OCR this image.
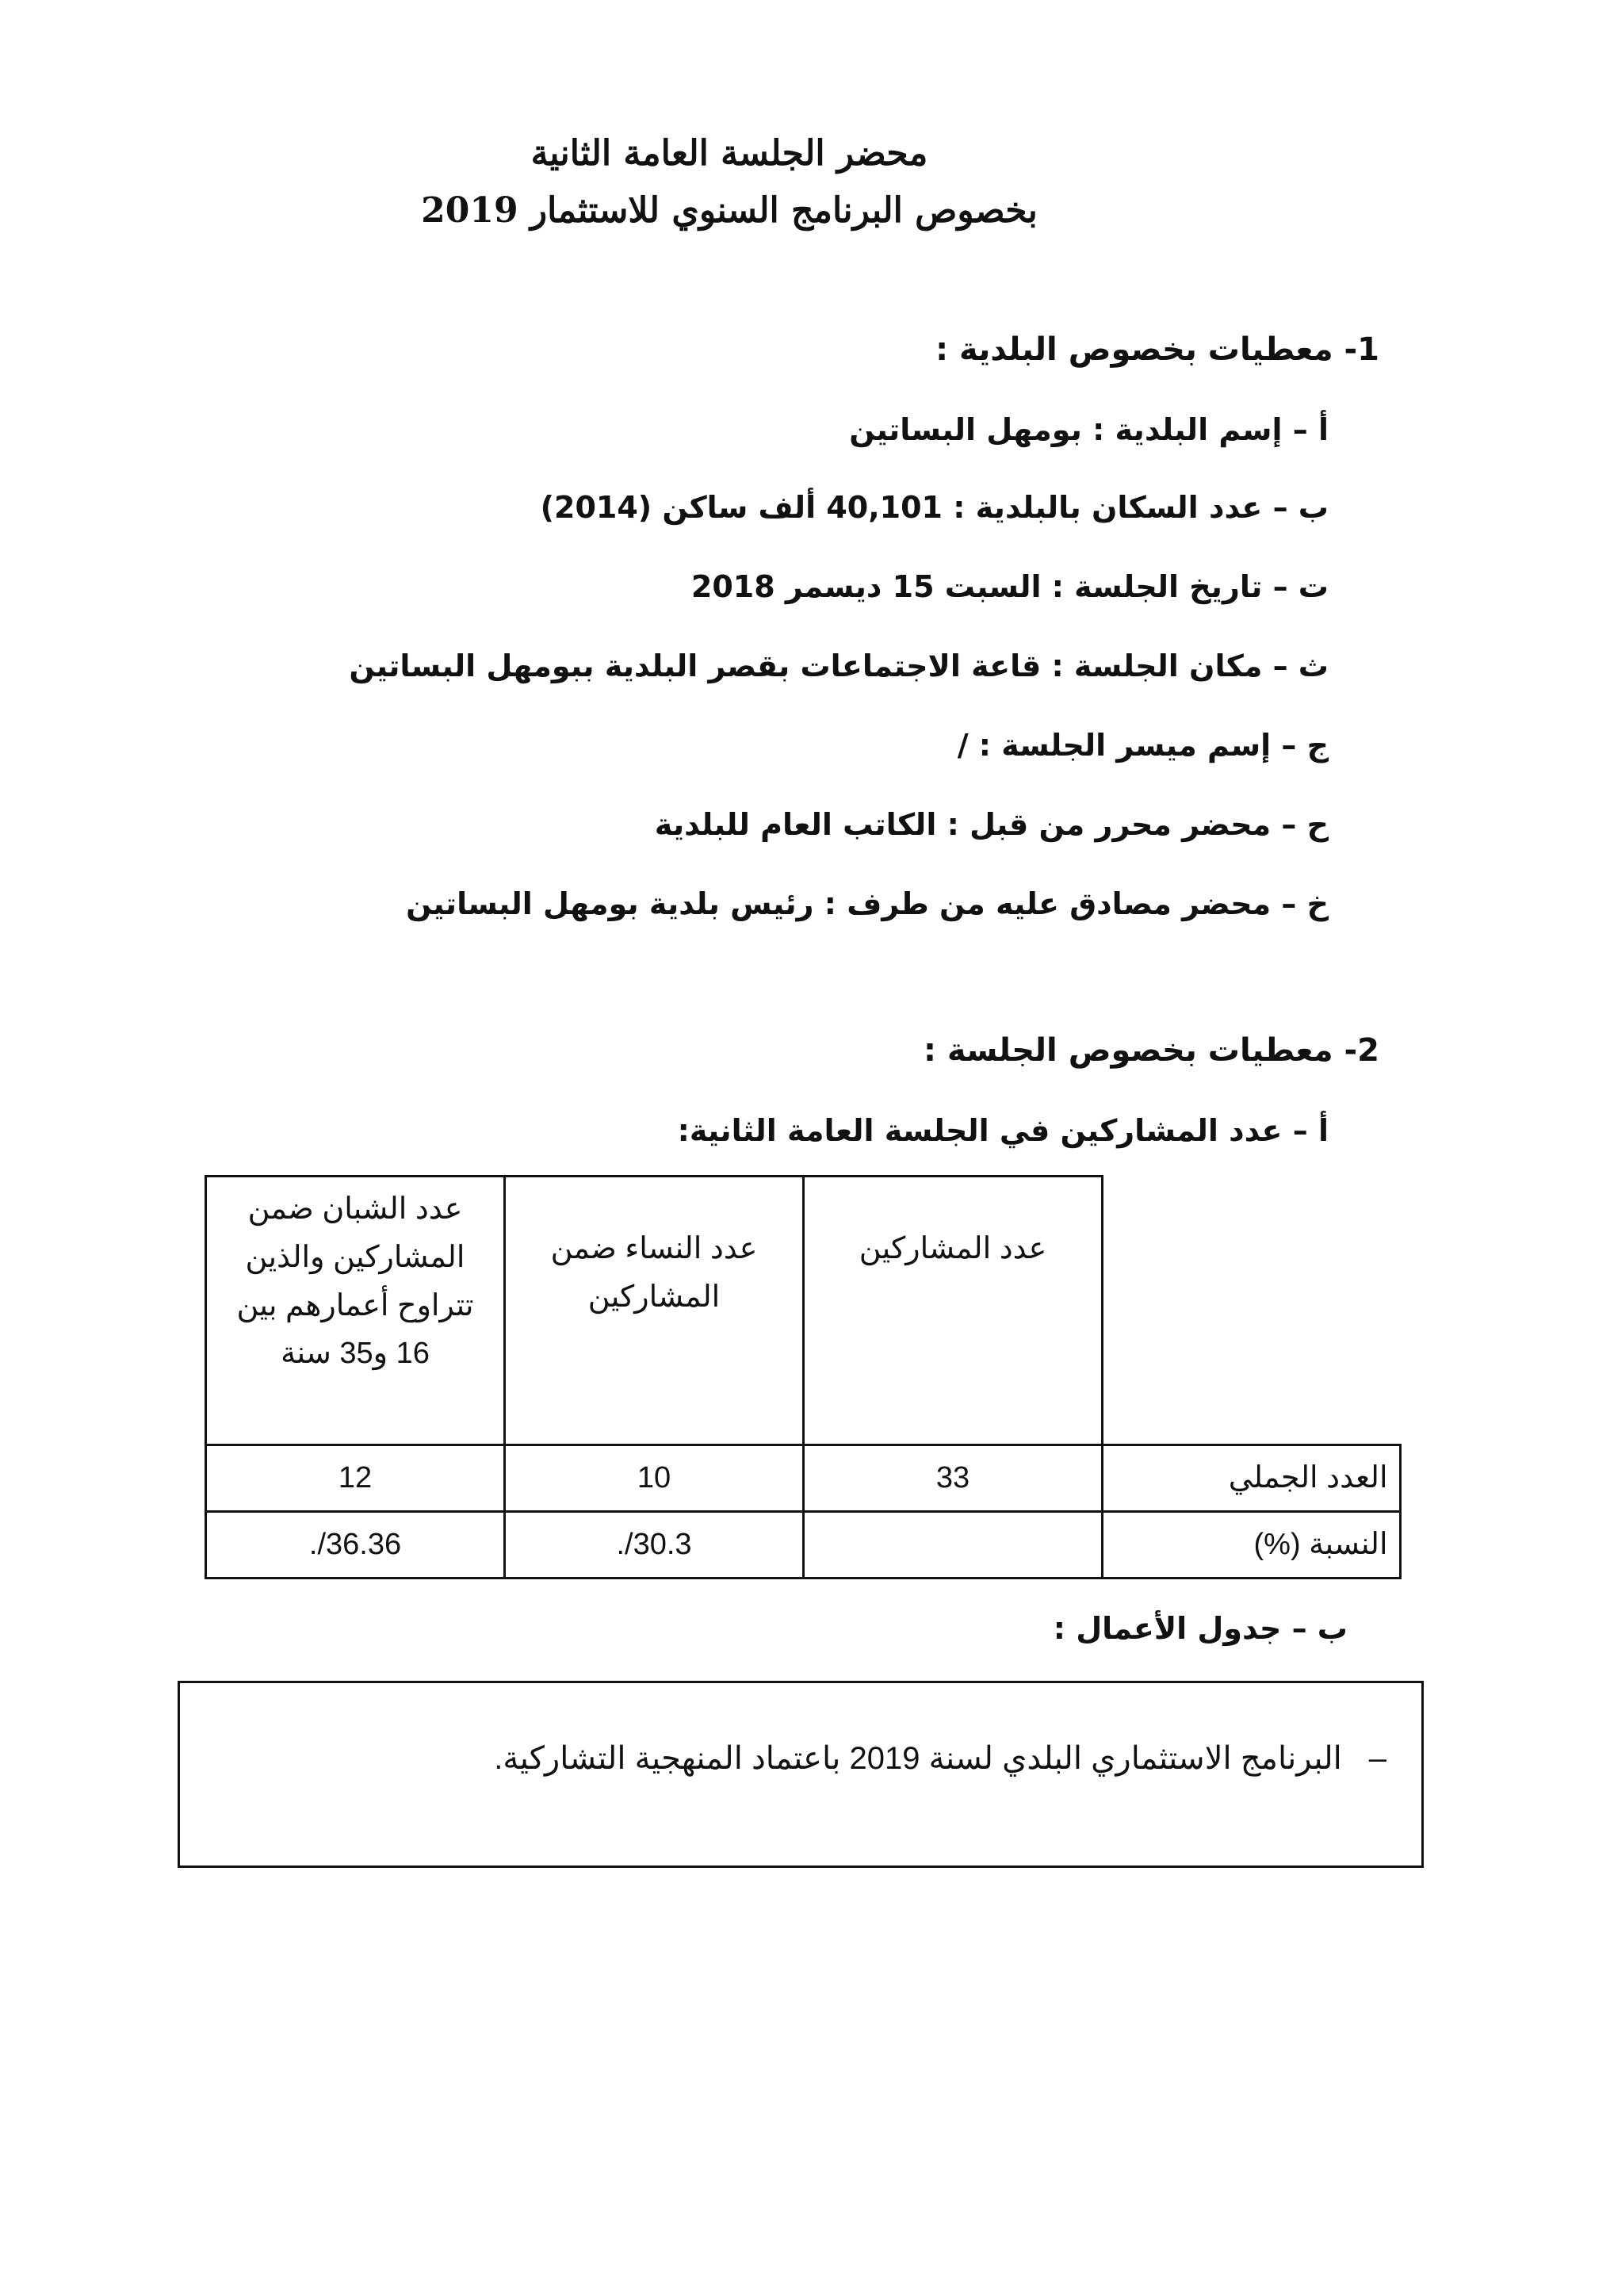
محضر الجلسة العامة الثانية
بخصوص البرنامج السنوي للاستثمار 2019
1- معطيات بخصوص البلدية :
أ – إسم البلدية : بومهل البساتين
ب – عدد السكان بالبلدية : 40,101 ألف ساكن (2014)
ت – تاريخ الجلسة : السبت 15 ديسمر 2018
ث – مكان الجلسة : قاعة الاجتماعات بقصر البلدية ببومهل البساتين
ج – إسم ميسر الجلسة : /
ح – محضر محرر من قبل : الكاتب العام للبلدية
خ – محضر مصادق عليه من طرف : رئيس بلدية بومهل البساتين
2- معطيات بخصوص الجلسة :
أ – عدد المشاركين في الجلسة العامة الثانية:
عدد الشبان ضمن المشاركين والذين تتراوح أعمارهم بين 16 و35 سنة	عدد النساء ضمن المشاركين	عدد المشاركين	
12	10	33	العدد الجملي
./36.36	./30.3		النسبة (%)
ب – جدول الأعمال :
–البرنامج الاستثماري البلدي لسنة 2019 باعتماد المنهجية التشاركية.
